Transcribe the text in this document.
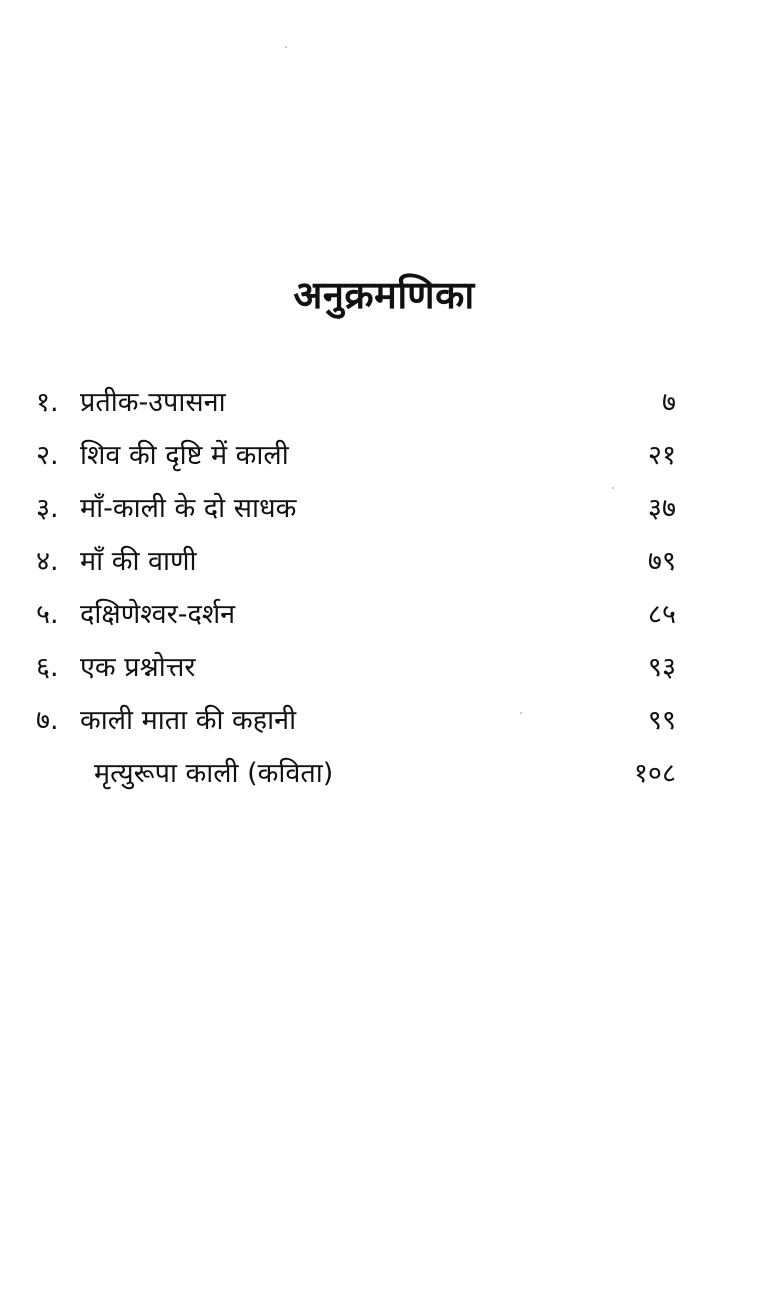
अनुक्रमणिका
१. प्रतीक-उपासना	७
२. शिव की दृष्टि में काली	२१
३. माँ-काली के दो साधक	३७
४. माँ की वाणी	७९
५. दक्षिणेश्वर-दर्शन	८५
६. एक प्रश्नोत्तर	९३
७. काली माता की कहानी	९९
मृत्युरूपा काली (कविता)	१०८
